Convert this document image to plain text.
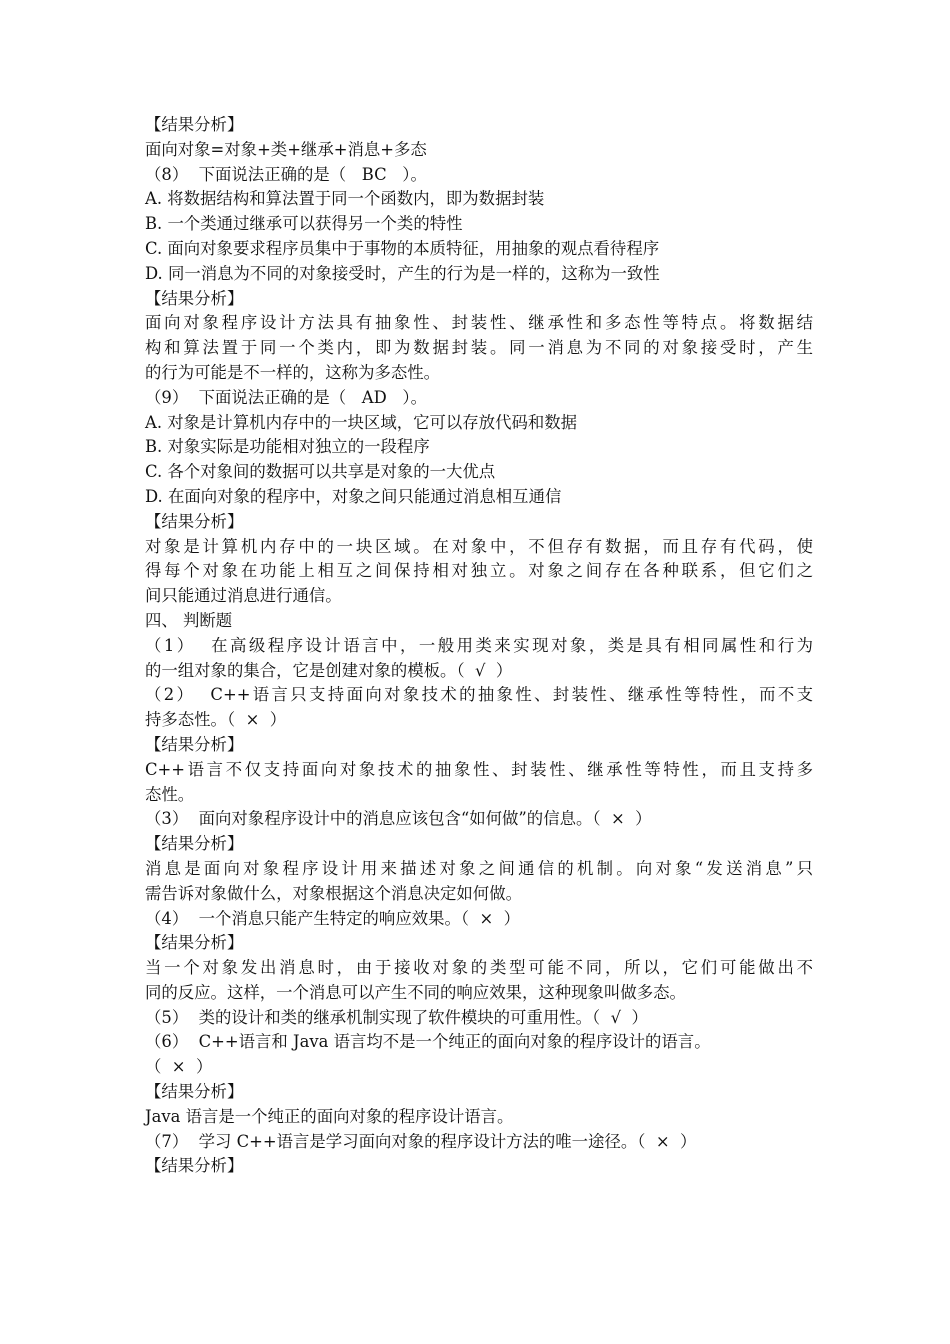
【结果分析】
面向对象=对象+类+继承+消息+多态
（8）  下面说法正确的是（   BC   ）。
A. 将数据结构和算法置于同一个函数内，即为数据封装
B. 一个类通过继承可以获得另一个类的特性
C. 面向对象要求程序员集中于事物的本质特征，用抽象的观点看待程序
D. 同一消息为不同的对象接受时，产生的行为是一样的，这称为一致性
【结果分析】
面向对象程序设计方法具有抽象性、封装性、继承性和多态性等特点。将数据结
构和算法置于同一个类内，即为数据封装。同一消息为不同的对象接受时，产生
的行为可能是不一样的，这称为多态性。
（9）  下面说法正确的是（   AD   ）。
A. 对象是计算机内存中的一块区域，它可以存放代码和数据
B. 对象实际是功能相对独立的一段程序
C. 各个对象间的数据可以共享是对象的一大优点
D. 在面向对象的程序中，对象之间只能通过消息相互通信
【结果分析】
对象是计算机内存中的一块区域。在对象中，不但存有数据，而且存有代码，使
得每个对象在功能上相互之间保持相对独立。对象之间存在各种联系，但它们之
间只能通过消息进行通信。
四、 判断题
（1）  在高级程序设计语言中，一般用类来实现对象，类是具有相同属性和行为
的一组对象的集合，它是创建对象的模板。（  √  ）
（2）  C++语言只支持面向对象技术的抽象性、封装性、继承性等特性，而不支
持多态性。（  ×  ）
【结果分析】
C++语言不仅支持面向对象技术的抽象性、封装性、继承性等特性，而且支持多
态性。
（3）  面向对象程序设计中的消息应该包含“如何做”的信息。（  ×  ）
【结果分析】
消息是面向对象程序设计用来描述对象之间通信的机制。向对象“发送消息”只
需告诉对象做什么，对象根据这个消息决定如何做。
（4）  一个消息只能产生特定的响应效果。（  ×  ）
【结果分析】
当一个对象发出消息时，由于接收对象的类型可能不同，所以，它们可能做出不
同的反应。这样，一个消息可以产生不同的响应效果，这种现象叫做多态。
（5）  类的设计和类的继承机制实现了软件模块的可重用性。（  √  ）
（6）  C++语言和 Java 语言均不是一个纯正的面向对象的程序设计的语言。
（  ×  ）
【结果分析】
Java 语言是一个纯正的面向对象的程序设计语言。
（7）  学习 C++语言是学习面向对象的程序设计方法的唯一途径。（  ×  ）
【结果分析】
